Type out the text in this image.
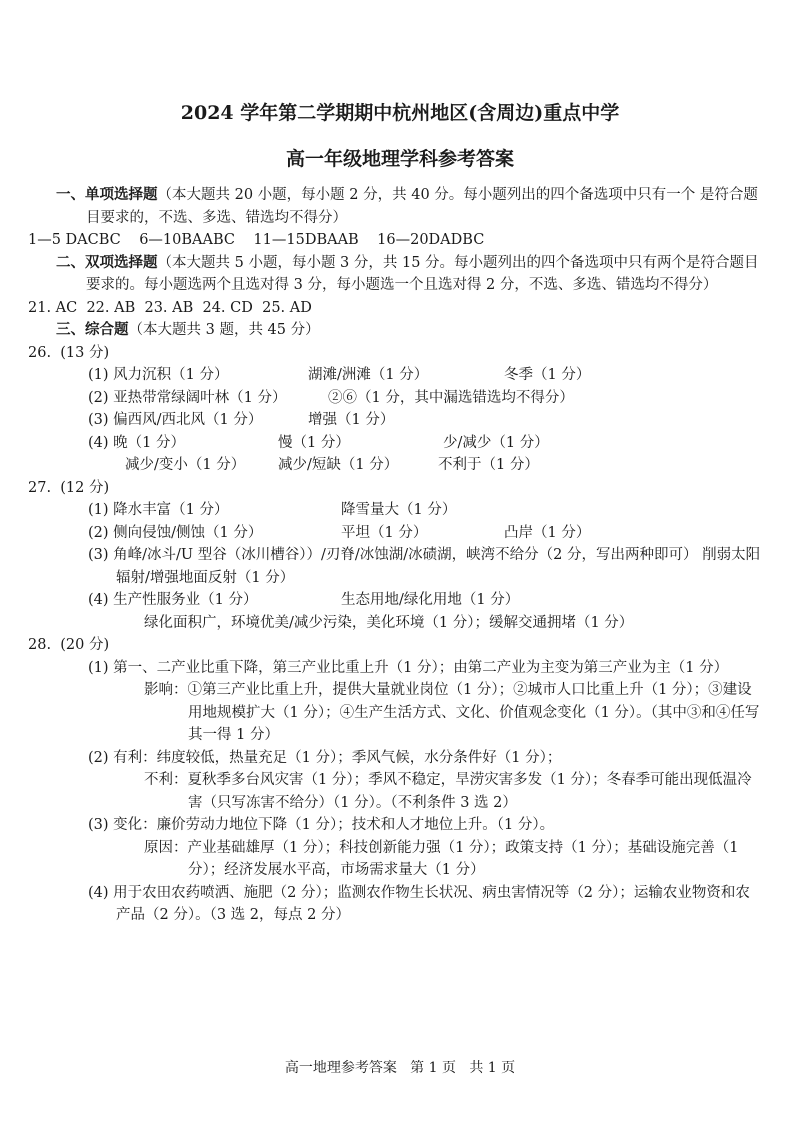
2024 学年第二学期期中杭州地区(含周边)重点中学
高一年级地理学科参考答案
一、单项选择题（本大题共 20 小题，每小题 2 分，共 40 分。每小题列出的四个备选项中只有一个 是符合题目要求的，不选、多选、错选均不得分）
1—5 DACBC    6—10BAABC    11—15DBAAB    16—20DADBC
二、双项选择题（本大题共 5 小题，每小题 3 分，共 15 分。每小题列出的四个备选项中只有两个是符合题目要求的。每小题选两个且选对得 3 分，每小题选一个且选对得 2 分，不选、多选、错选均不得分）
21. AC  22. AB  23. AB  24. CD  25. AD
三、综合题（本大题共 3 题，共 45 分）
26.  (13 分)
(1) 风力沉积（1 分）	湖滩/洲滩（1 分）	冬季（1 分）
(2) 亚热带常绿阔叶林（1 分）	②⑥（1 分，其中漏选错选均不得分）
(3) 偏西风/西北风（1 分）	增强（1 分）
(4) 晚（1 分）	慢（1 分）	少/减少（1 分）
减少/变小（1 分） 减少/短缺（1 分）	不利于（1 分）
27.  (12 分)
(1) 降水丰富（1 分）	降雪量大（1 分）
(2) 侧向侵蚀/侧蚀（1 分）	平坦（1 分）	凸岸（1 分）
(3) 角峰/冰斗/U 型谷（冰川槽谷））/刃脊/冰蚀湖/冰碛湖，峡湾不给分（2 分，写出两种即可） 削弱太阳辐射/增强地面反射（1 分）
(4) 生产性服务业（1 分）	生态用地/绿化用地（1 分）
绿化面积广，环境优美/减少污染，美化环境（1 分）；缓解交通拥堵（1 分）
28.  (20 分)
(1) 第一、二产业比重下降，第三产业比重上升（1 分）；由第二产业为主变为第三产业为主（1 分）
影响：①第三产业比重上升，提供大量就业岗位（1 分）；②城市人口比重上升（1 分）；③建设用地规模扩大（1 分）；④生产生活方式、文化、价值观念变化（1 分）。（其中③和④任写其一得 1 分）
(2) 有利：纬度较低，热量充足（1 分）；季风气候，水分条件好（1 分）；
不利：夏秋季多台风灾害（1 分）；季风不稳定，旱涝灾害多发（1 分）；冬春季可能出现低温冷害（只写冻害不给分）（1 分）。（不利条件 3 选 2）
(3) 变化：廉价劳动力地位下降（1 分）；技术和人才地位上升。（1 分）。
原因：产业基础雄厚（1 分）；科技创新能力强（1 分）；政策支持（1 分）；基础设施完善（1 分）；经济发展水平高，市场需求量大（1 分）
(4) 用于农田农药喷洒、施肥（2 分）；监测农作物生长状况、病虫害情况等（2 分）；运输农业物资和农产品（2 分）。（3 选 2，每点 2 分）
高一地理参考答案   第 1 页   共 1 页
